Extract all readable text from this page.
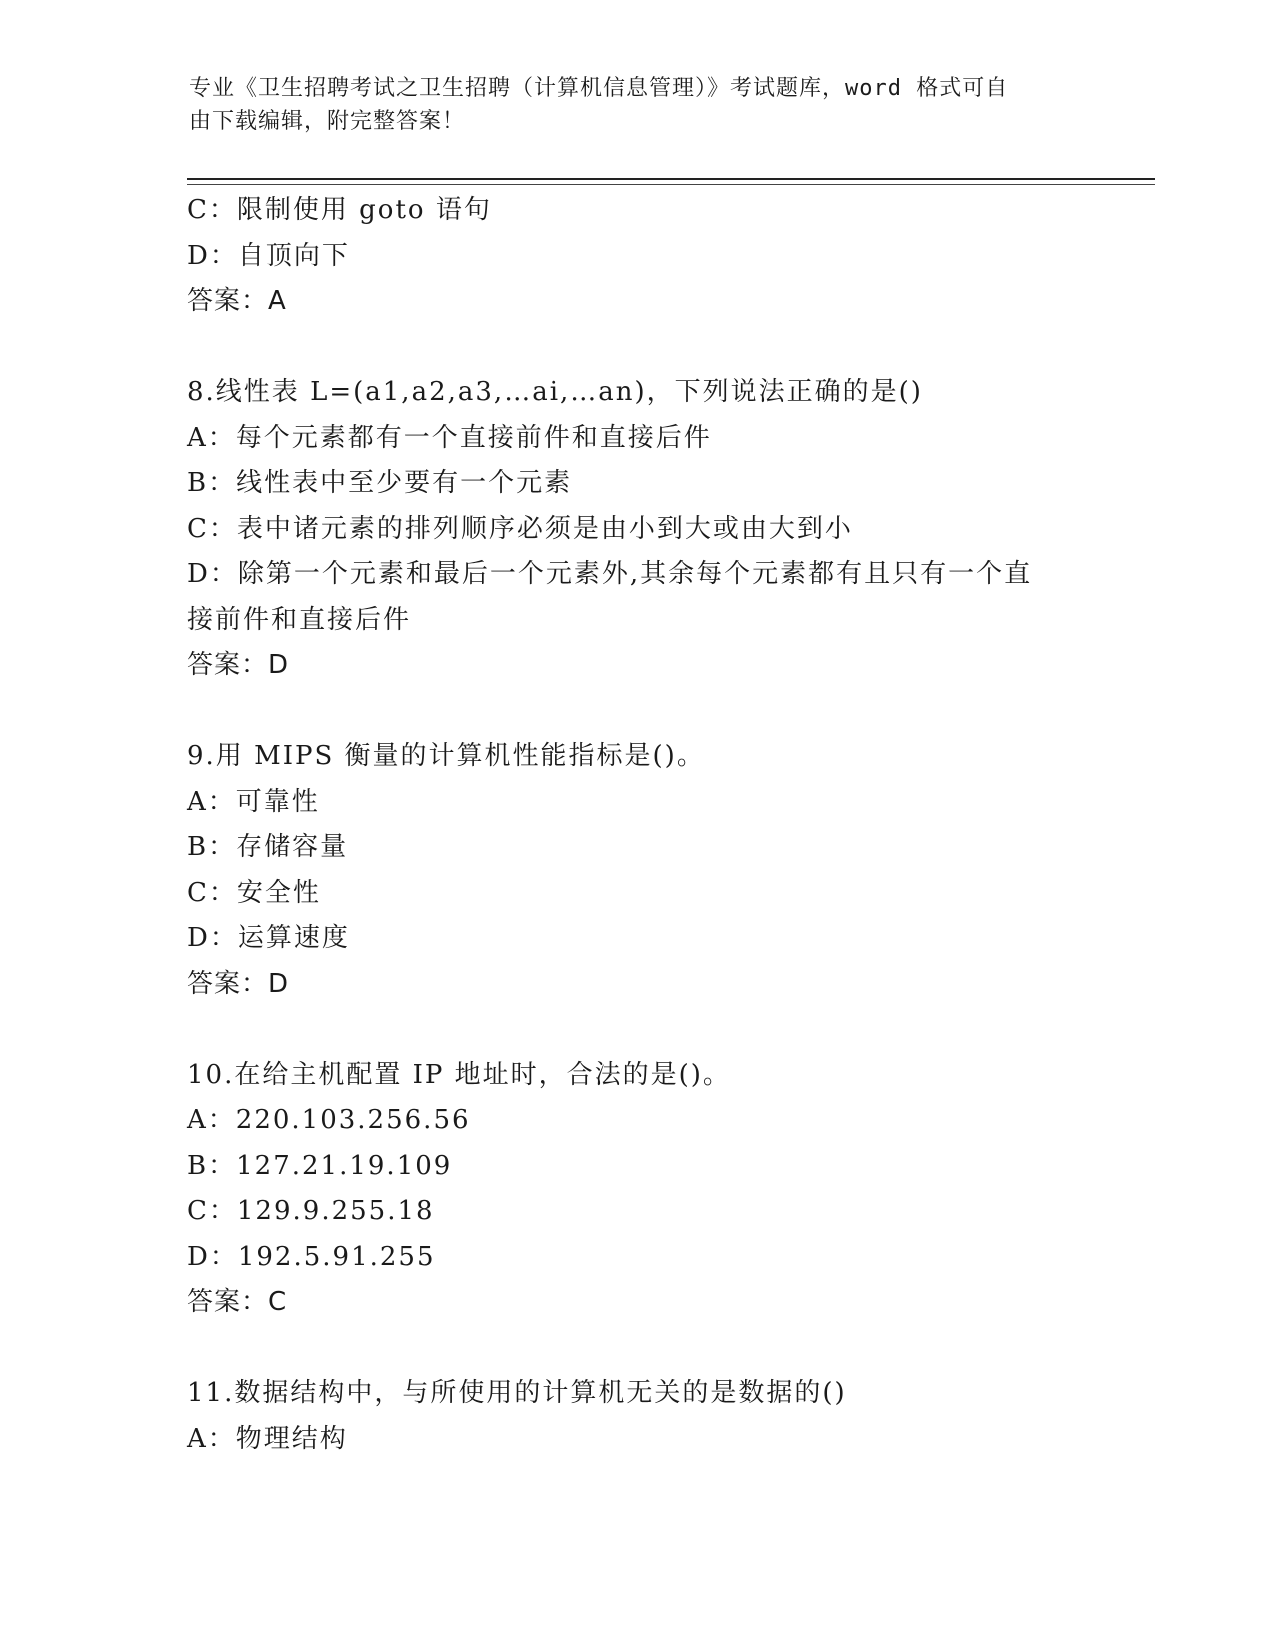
专业《卫生招聘考试之卫生招聘（计算机信息管理）》考试题库，word 格式可自
由下载编辑，附完整答案！
C：限制使用 goto 语句
D：自顶向下
答案：A
8.线性表 L=(a1,a2,a3,…ai,…an)，下列说法正确的是()
A：每个元素都有一个直接前件和直接后件
B：线性表中至少要有一个元素
C：表中诸元素的排列顺序必须是由小到大或由大到小
D：除第一个元素和最后一个元素外,其余每个元素都有且只有一个直
接前件和直接后件
答案：D
9.用 MIPS 衡量的计算机性能指标是()。
A：可靠性
B：存储容量
C：安全性
D：运算速度
答案：D
10.在给主机配置 IP 地址时，合法的是()。
A：220.103.256.56
B：127.21.19.109
C：129.9.255.18
D：192.5.91.255
答案：C
11.数据结构中，与所使用的计算机无关的是数据的()
A：物理结构
